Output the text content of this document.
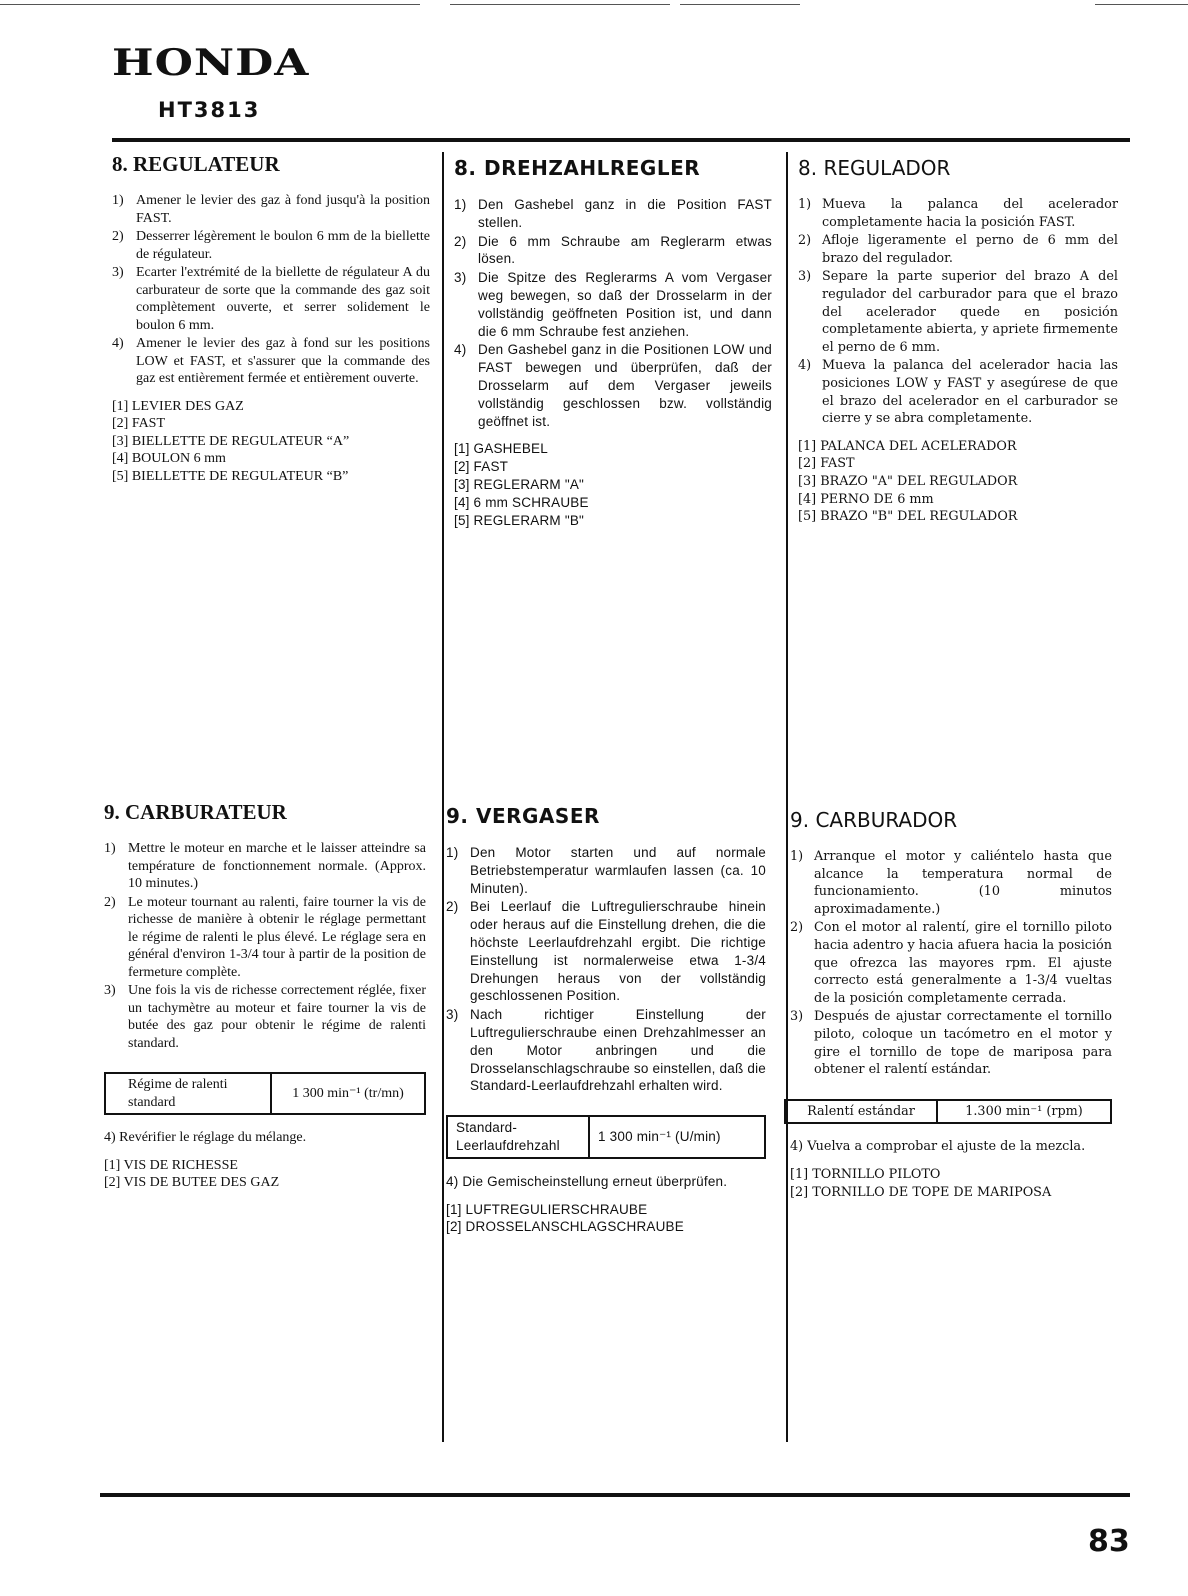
HONDA
HT3813
8. REGULATEUR
1) Amener le levier des gaz à fond jusqu'à la position FAST.
2) Desserrer légèrement le boulon 6 mm de la biellette de régulateur.
3) Ecarter l'extrémité de la biellette de régulateur A du carburateur de sorte que la commande des gaz soit complètement ouverte, et serrer solidement le boulon 6 mm.
4) Amener le levier des gaz à fond sur les positions LOW et FAST, et s'assurer que la commande des gaz est entièrement fermée et entièrement ouverte.
[1] LEVIER DES GAZ
[2] FAST
[3] BIELLETTE DE REGULATEUR “A”
[4] BOULON 6 mm
[5] BIELLETTE DE REGULATEUR “B”
8. DREHZAHLREGLER
1) Den Gashebel ganz in die Position FAST stellen.
2) Die 6 mm Schraube am Reglerarm etwas lösen.
3) Die Spitze des Reglerarms A vom Vergaser weg bewegen, so daß der Drosselarm in der vollständig geöffneten Position ist, und dann die 6 mm Schraube fest anziehen.
4) Den Gashebel ganz in die Positionen LOW und FAST bewegen und überprüfen, daß der Drosselarm auf dem Vergaser jeweils vollständig geschlossen bzw. vollständig geöffnet ist.
[1] GASHEBEL
[2] FAST
[3] REGLERARM "A"
[4] 6 mm SCHRAUBE
[5] REGLERARM "B"
8. REGULADOR
1) Mueva la palanca del acelerador completamente hacia la posición FAST.
2) Afloje ligeramente el perno de 6 mm del brazo del regulador.
3) Separe la parte superior del brazo A del regulador del carburador para que el brazo del acelerador quede en posición completamente abierta, y apriete firmemente el perno de 6 mm.
4) Mueva la palanca del acelerador hacia las posiciones LOW y FAST y asegúrese de que el brazo del acelerador en el carburador se cierre y se abra completamente.
[1] PALANCA DEL ACELERADOR
[2] FAST
[3] BRAZO "A" DEL REGULADOR
[4] PERNO DE 6 mm
[5] BRAZO "B" DEL REGULADOR
9. CARBURATEUR
1) Mettre le moteur en marche et le laisser atteindre sa température de fonctionnement normale. (Approx. 10 minutes.)
2) Le moteur tournant au ralenti, faire tourner la vis de richesse de manière à obtenir le réglage permettant le régime de ralenti le plus élevé. Le réglage sera en général d'environ 1-3/4 tour à partir de la position de fermeture complète.
3) Une fois la vis de richesse correctement réglée, fixer un tachymètre au moteur et faire tourner la vis de butée des gaz pour obtenir le régime de ralenti standard.
Régime de ralenti standard
1 300 min⁻¹ (tr/mn)

4) Revérifier le réglage du mélange.

[1] VIS DE RICHESSE
[2] VIS DE BUTEE DES GAZ
9. VERGASER
1) Den Motor starten und auf normale Betriebstemperatur warmlaufen lassen (ca. 10 Minuten).
2) Bei Leerlauf die Luftregulierschraube hinein oder heraus auf die Einstellung drehen, die die höchste Leerlaufdrehzahl ergibt. Die richtige Einstellung ist normalerweise etwa 1-3/4 Drehungen heraus von der vollständig geschlossenen Position.
3) Nach richtiger Einstellung der Luftregulierschraube einen Drehzahlmesser an den Motor anbringen und die Drosselanschlagschraube so einstellen, daß die Standard-Leerlaufdrehzahl erhalten wird.
Standard-Leerlaufdrehzahl
1 300 min⁻¹ (U/min)

4) Die Gemischeinstellung erneut überprüfen.

[1] LUFTREGULIERSCHRAUBE
[2] DROSSELANSCHLAGSCHRAUBE
9. CARBURADOR
1) Arranque el motor y caliéntelo hasta que alcance la temperatura normal de funcionamiento. (10 minutos aproximadamente.)
2) Con el motor al ralentí, gire el tornillo piloto hacia adentro y hacia afuera hacia la posición que ofrezca las mayores rpm. El ajuste correcto está generalmente a 1-3/4 vueltas de la posición completamente cerrada.
3) Después de ajustar correctamente el tornillo piloto, coloque un tacómetro en el motor y gire el tornillo de tope de mariposa para obtener el ralentí estándar.
Ralentí estándar	1.300 min⁻¹ (rpm)

4) Vuelva a comprobar el ajuste de la mezcla.

[1] TORNILLO PILOTO
[2] TORNILLO DE TOPE DE MARIPOSA
83
